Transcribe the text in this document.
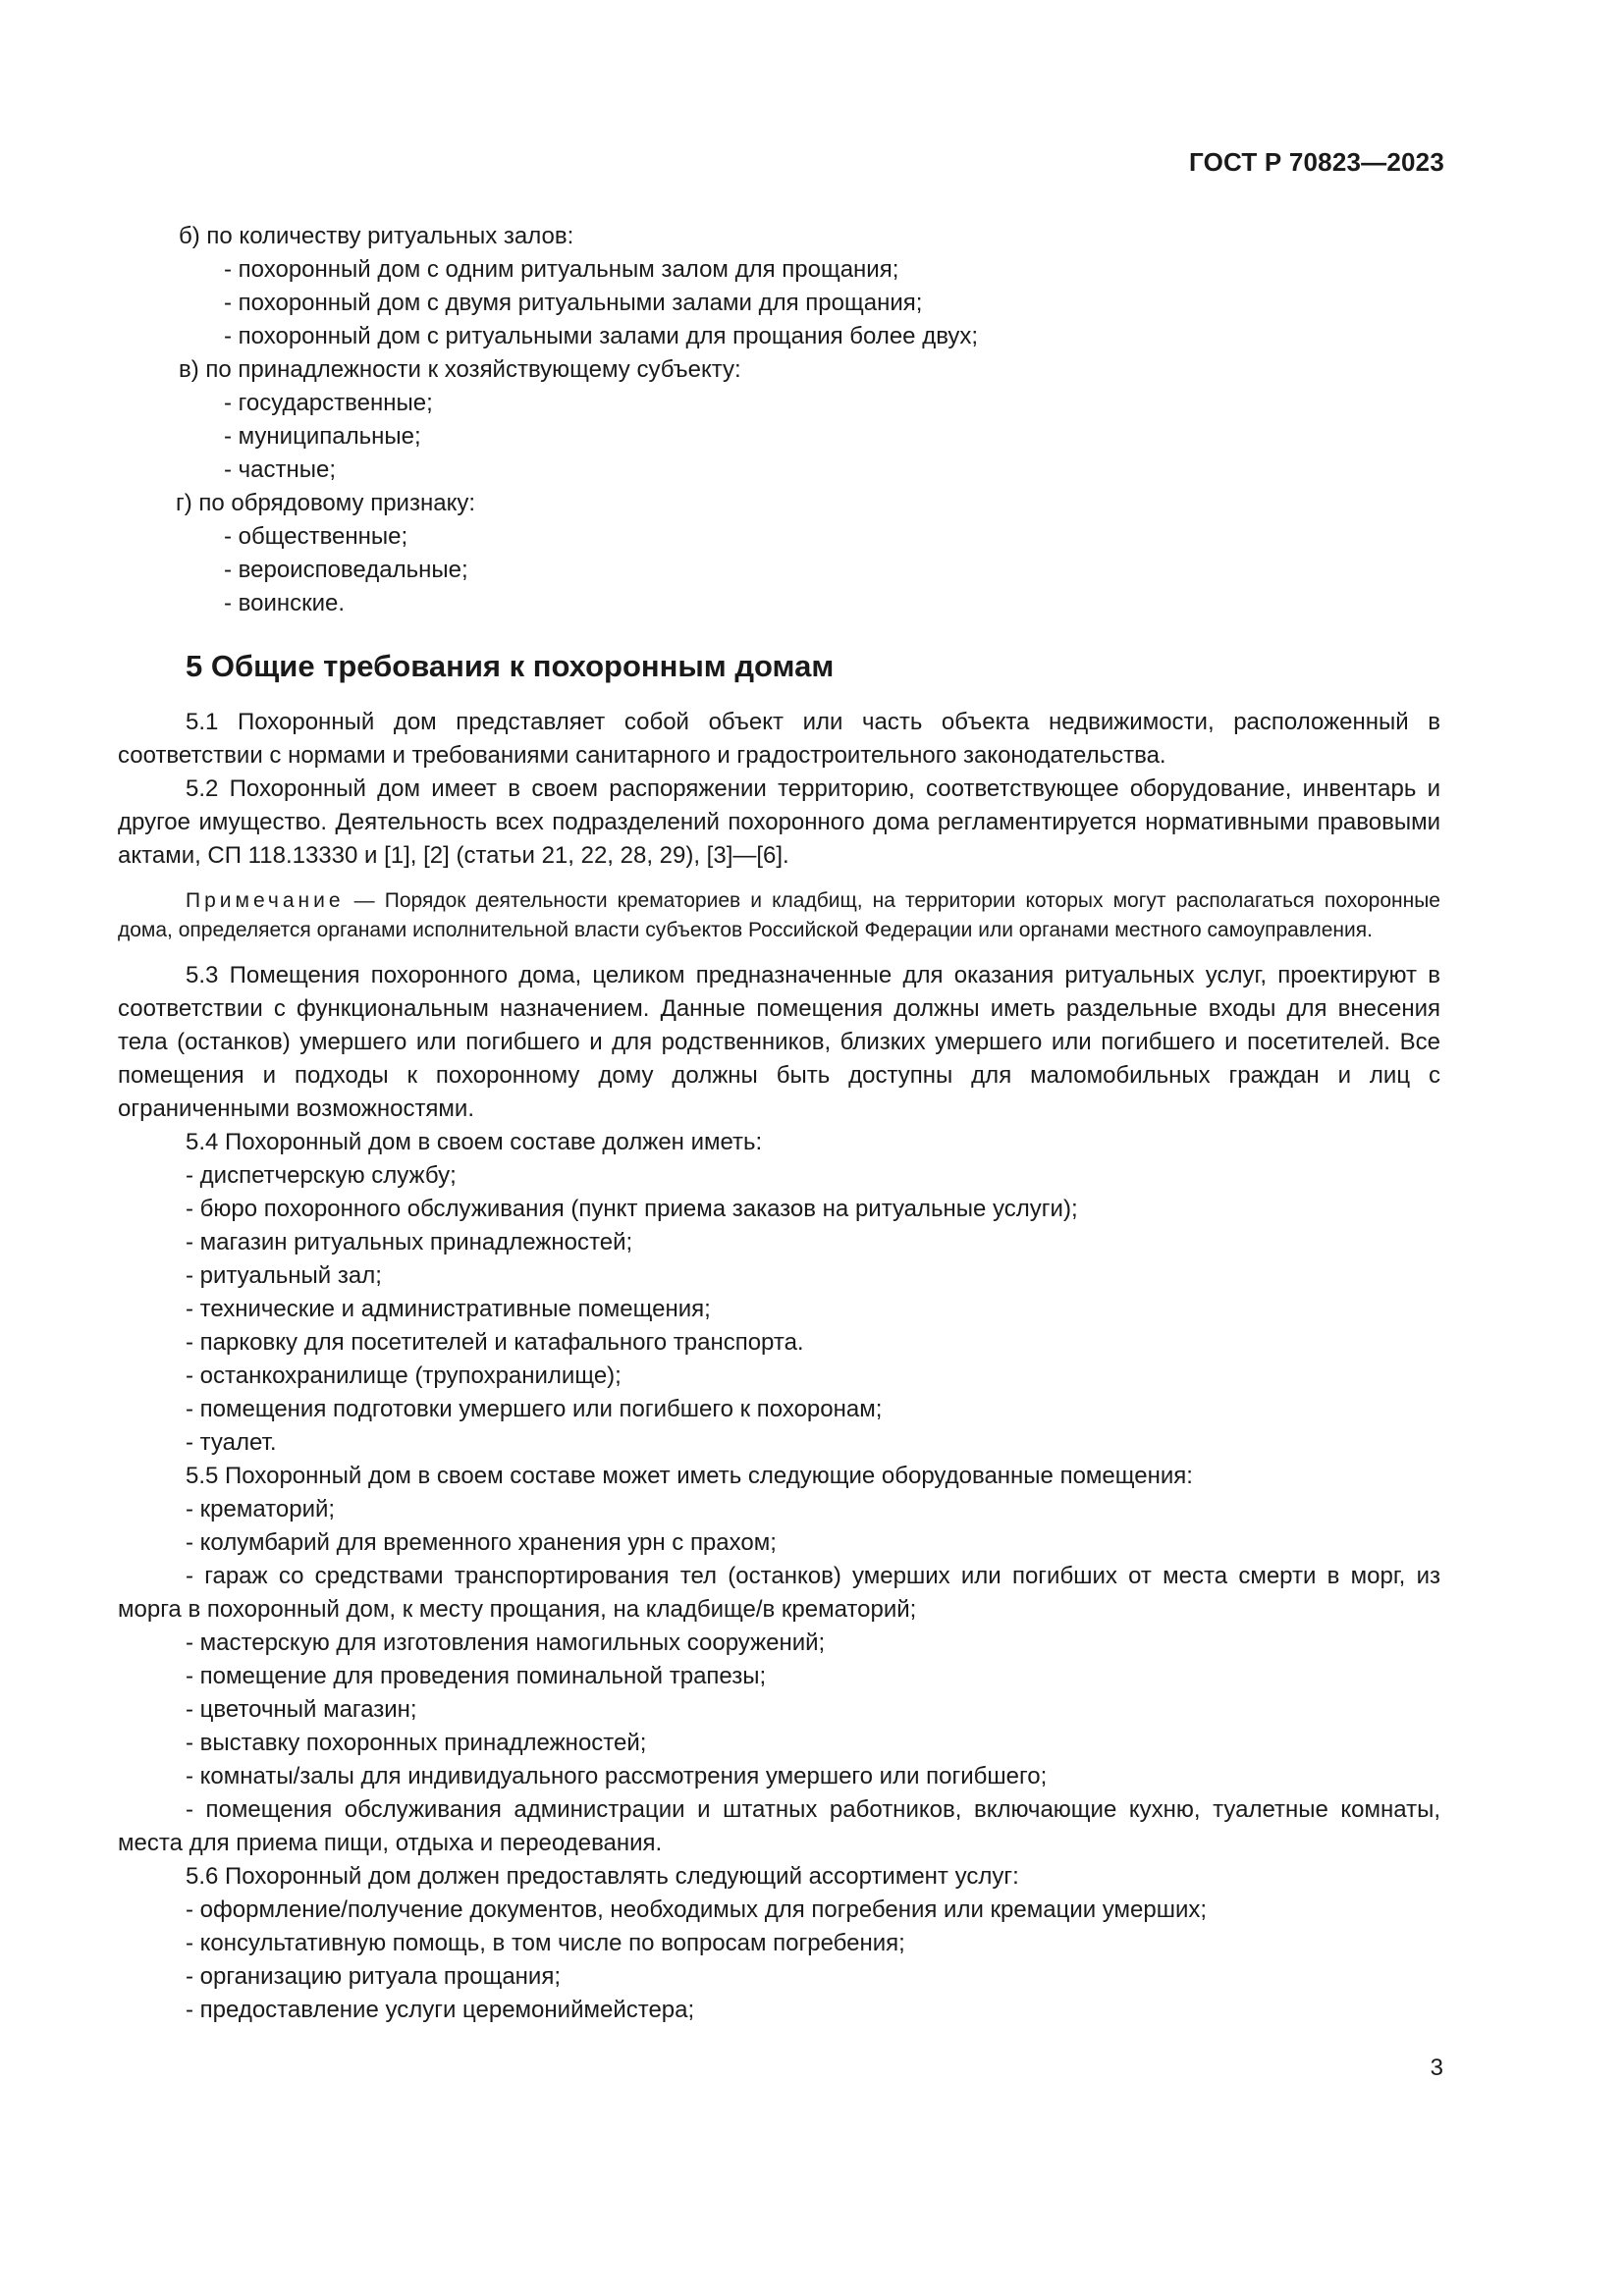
ГОСТ Р 70823—2023
б) по количеству ритуальных залов:
- похоронный дом с одним ритуальным залом для прощания;
- похоронный дом с двумя ритуальными залами для прощания;
- похоронный дом с ритуальными залами для прощания более двух;
в) по принадлежности к хозяйствующему субъекту:
- государственные;
- муниципальные;
- частные;
г) по обрядовому признаку:
- общественные;
- вероисповедальные;
- воинские.
5 Общие требования к похоронным домам
5.1 Похоронный дом представляет собой объект или часть объекта недвижимости, расположенный в соответствии с нормами и требованиями санитарного и градостроительного законодательства.
5.2 Похоронный дом имеет в своем распоряжении территорию, соответствующее оборудование, инвентарь и другое имущество. Деятельность всех подразделений похоронного дома регламентируется нормативными правовыми актами, СП 118.13330 и [1], [2] (статьи 21, 22, 28, 29), [3]—[6].
Примечание — Порядок деятельности крематориев и кладбищ, на территории которых могут располагаться похоронные дома, определяется органами исполнительной власти субъектов Российской Федерации или органами местного самоуправления.
5.3 Помещения похоронного дома, целиком предназначенные для оказания ритуальных услуг, проектируют в соответствии с функциональным назначением. Данные помещения должны иметь раздельные входы для внесения тела (останков) умершего или погибшего и для родственников, близких умершего или погибшего и посетителей. Все помещения и подходы к похоронному дому должны быть доступны для маломобильных граждан и лиц с ограниченными возможностями.
5.4 Похоронный дом в своем составе должен иметь:
- диспетчерскую службу;
- бюро похоронного обслуживания (пункт приема заказов на ритуальные услуги);
- магазин ритуальных принадлежностей;
- ритуальный зал;
- технические и административные помещения;
- парковку для посетителей и катафального транспорта.
- останкохранилище (трупохранилище);
- помещения подготовки умершего или погибшего к похоронам;
- туалет.
5.5 Похоронный дом в своем составе может иметь следующие оборудованные помещения:
- крематорий;
- колумбарий для временного хранения урн с прахом;
- гараж со средствами транспортирования тел (останков) умерших или погибших от места смерти в морг, из морга в похоронный дом, к месту прощания, на кладбище/в крематорий;
- мастерскую для изготовления намогильных сооружений;
- помещение для проведения поминальной трапезы;
- цветочный магазин;
- выставку похоронных принадлежностей;
- комнаты/залы для индивидуального рассмотрения умершего или погибшего;
- помещения обслуживания администрации и штатных работников, включающие кухню, туалетные комнаты, места для приема пищи, отдыха и переодевания.
5.6 Похоронный дом должен предоставлять следующий ассортимент услуг:
- оформление/получение документов, необходимых для погребения или кремации умерших;
- консультативную помощь, в том числе по вопросам погребения;
- организацию ритуала прощания;
- предоставление услуги церемониймейстера;
3
